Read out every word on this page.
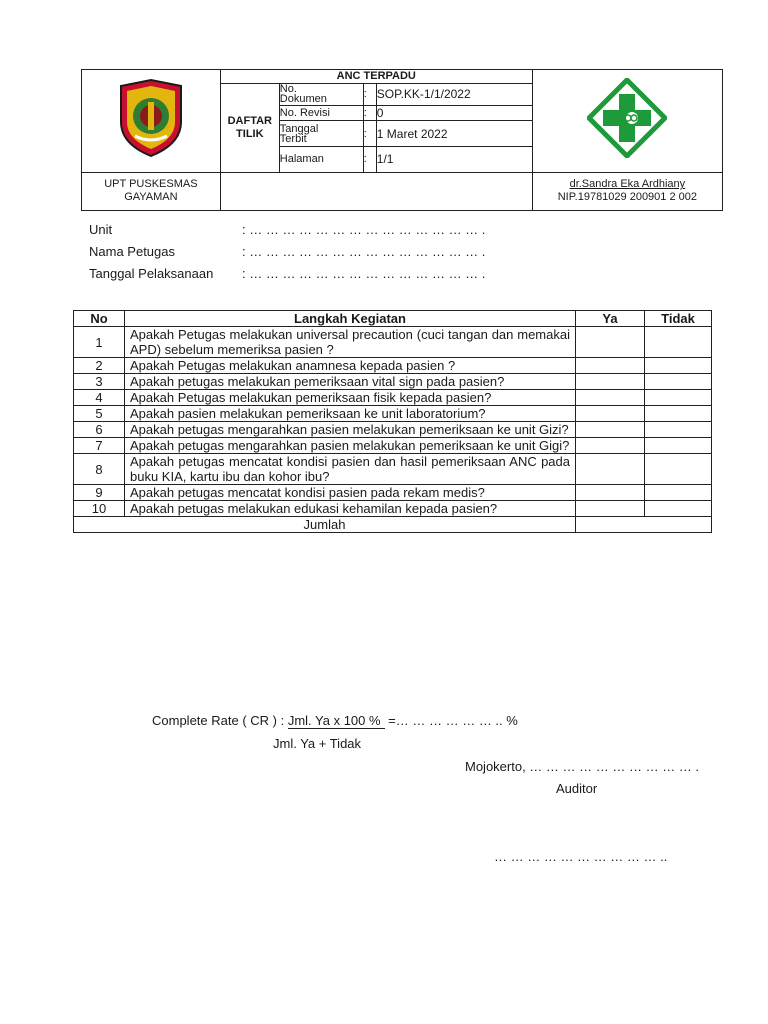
ANC TERPADU
DAFTAR TILIK	
No. Dokumen	:	SOP.KK-1/1/2022
No. Revisi	:	0
Tanggal Terbit	:	1 Maret 2022
Halaman	:	1/1

UPT PUSKESMAS GAYAMAN		
dr.Sandra Eka Ardhiany
NIP.19781029 200901 2 002
Unit	: … … … … … … … … … … … … … … .
Nama Petugas	: … … … … … … … … … … … … … … .
Tanggal Pelaksanaan : … … … … … … … … … … … … … … .
No	Langkah Kegiatan	Ya	Tidak
1	Apakah Petugas melakukan universal precaution (cuci tangan dan memakai APD) sebelum memeriksa pasien ?		
2	Apakah Petugas melakukan anamnesa kepada pasien ?		
3	Apakah petugas melakukan pemeriksaan vital sign pada pasien?		
4	Apakah Petugas melakukan pemeriksaan fisik kepada pasien?		
5	Apakah pasien melakukan pemeriksaan ke unit laboratorium?		
6	Apakah petugas mengarahkan pasien melakukan pemeriksaan ke unit Gizi?		
7	Apakah petugas mengarahkan pasien melakukan pemeriksaan ke unit Gigi?		
8	Apakah petugas mencatat kondisi pasien dan hasil pemeriksaan ANC pada buku KIA, kartu ibu dan kohor ibu?		
9	Apakah petugas mencatat kondisi pasien pada rekam medis?		
10	Apakah petugas melakukan edukasi kehamilan kepada pasien?		
Jumlah			
Complete Rate ( CR ) : Jml. Ya x 100 % =… … … … … … .. %
Jml. Ya + Tidak
Mojokerto, … … … … … … … … … … .
Auditor
… … … … … … … … … … ..
